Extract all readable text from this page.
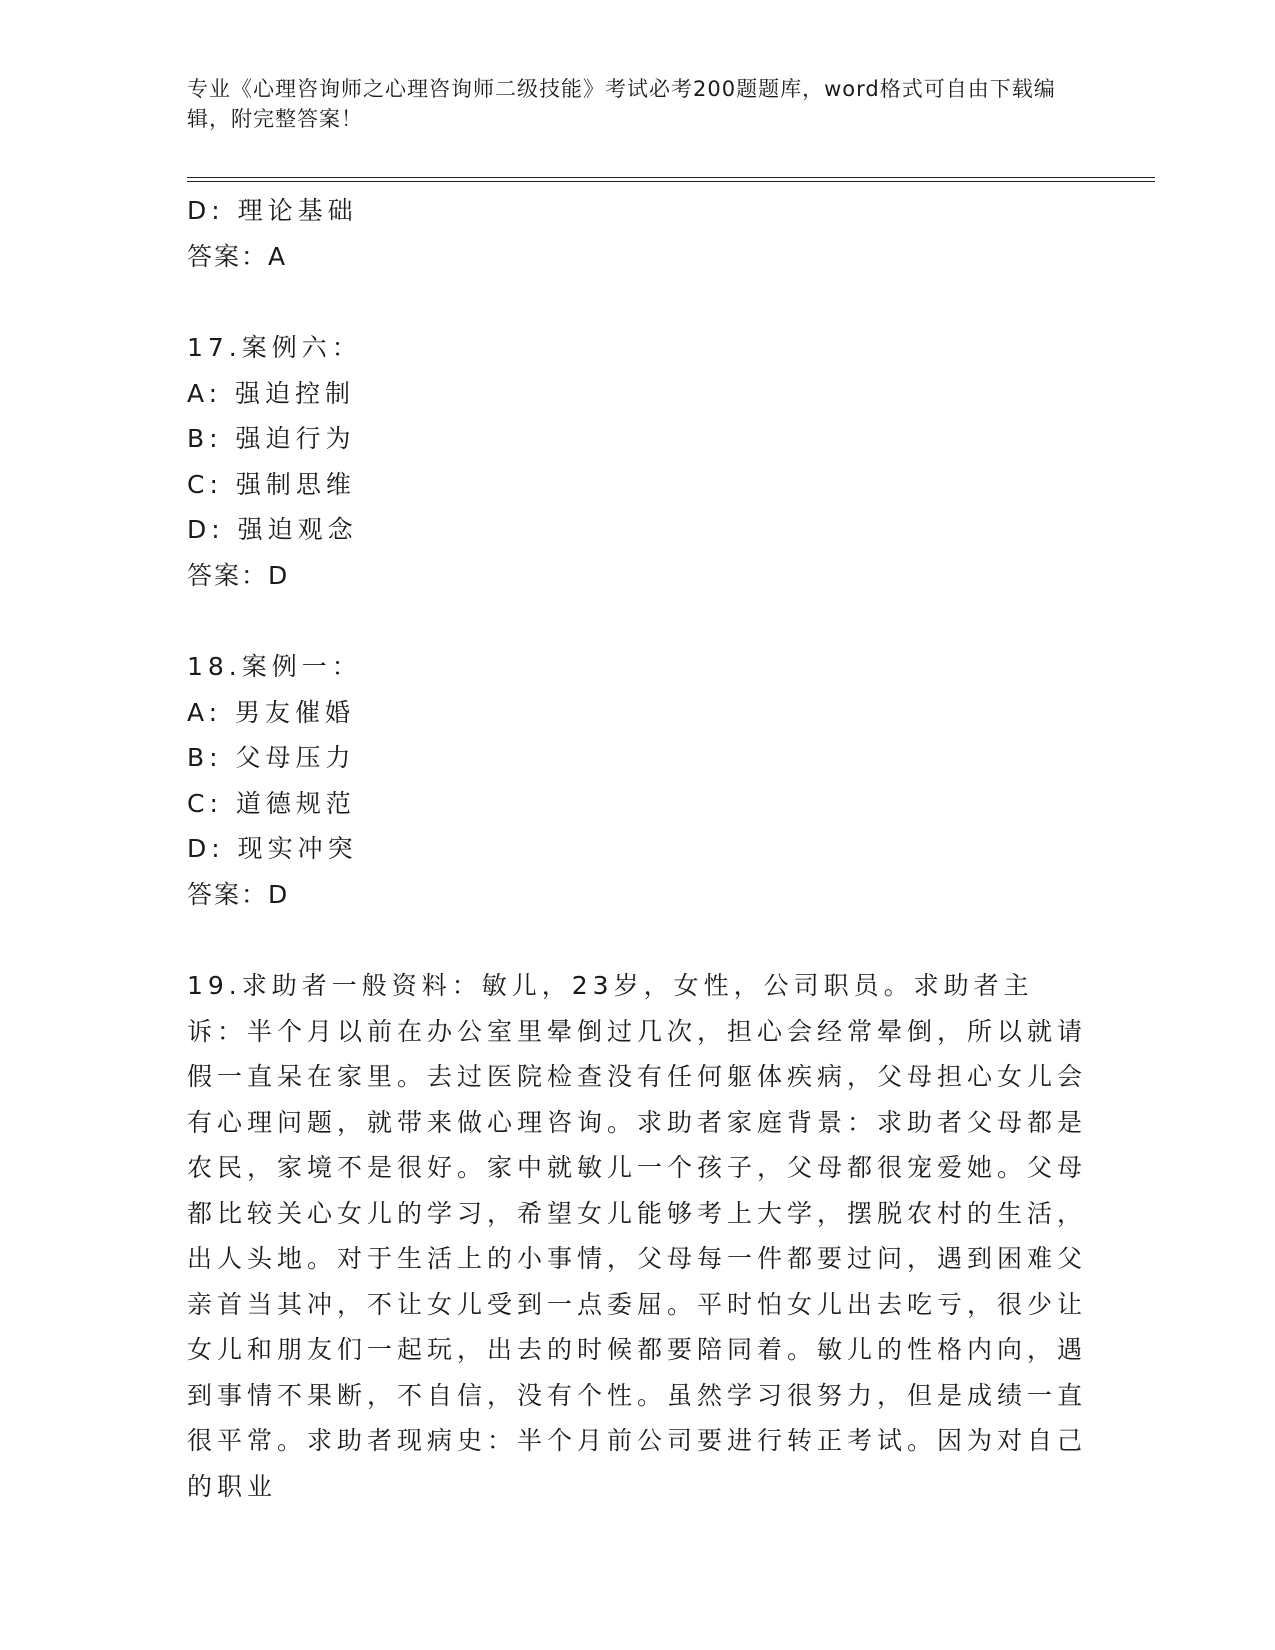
专业《心理咨询师之心理咨询师二级技能》考试必考200题题库，word格式可自由下载编辑，附完整答案！
D: 理论基础
答案：A
17.案例六：
A: 强迫控制
B: 强迫行为
C: 强制思维
D: 强迫观念
答案：D
18.案例一：
A: 男友催婚
B: 父母压力
C: 道德规范
D: 现实冲突
答案：D
19.求助者一般资料：敏儿，23岁，女性，公司职员。求助者主诉：半个月以前在办公室里晕倒过几次，担心会经常晕倒，所以就请假一直呆在家里。去过医院检查没有任何躯体疾病，父母担心女儿会有心理问题，就带来做心理咨询。求助者家庭背景：求助者父母都是农民，家境不是很好。家中就敏儿一个孩子，父母都很宠爱她。父母都比较关心女儿的学习，希望女儿能够考上大学，摆脱农村的生活，出人头地。对于生活上的小事情，父母每一件都要过问，遇到困难父亲首当其冲，不让女儿受到一点委屈。平时怕女儿出去吃亏，很少让女儿和朋友们一起玩，出去的时候都要陪同着。敏儿的性格内向，遇到事情不果断，不自信，没有个性。虽然学习很努力，但是成绩一直很平常。求助者现病史：半个月前公司要进行转正考试。因为对自己的职业
